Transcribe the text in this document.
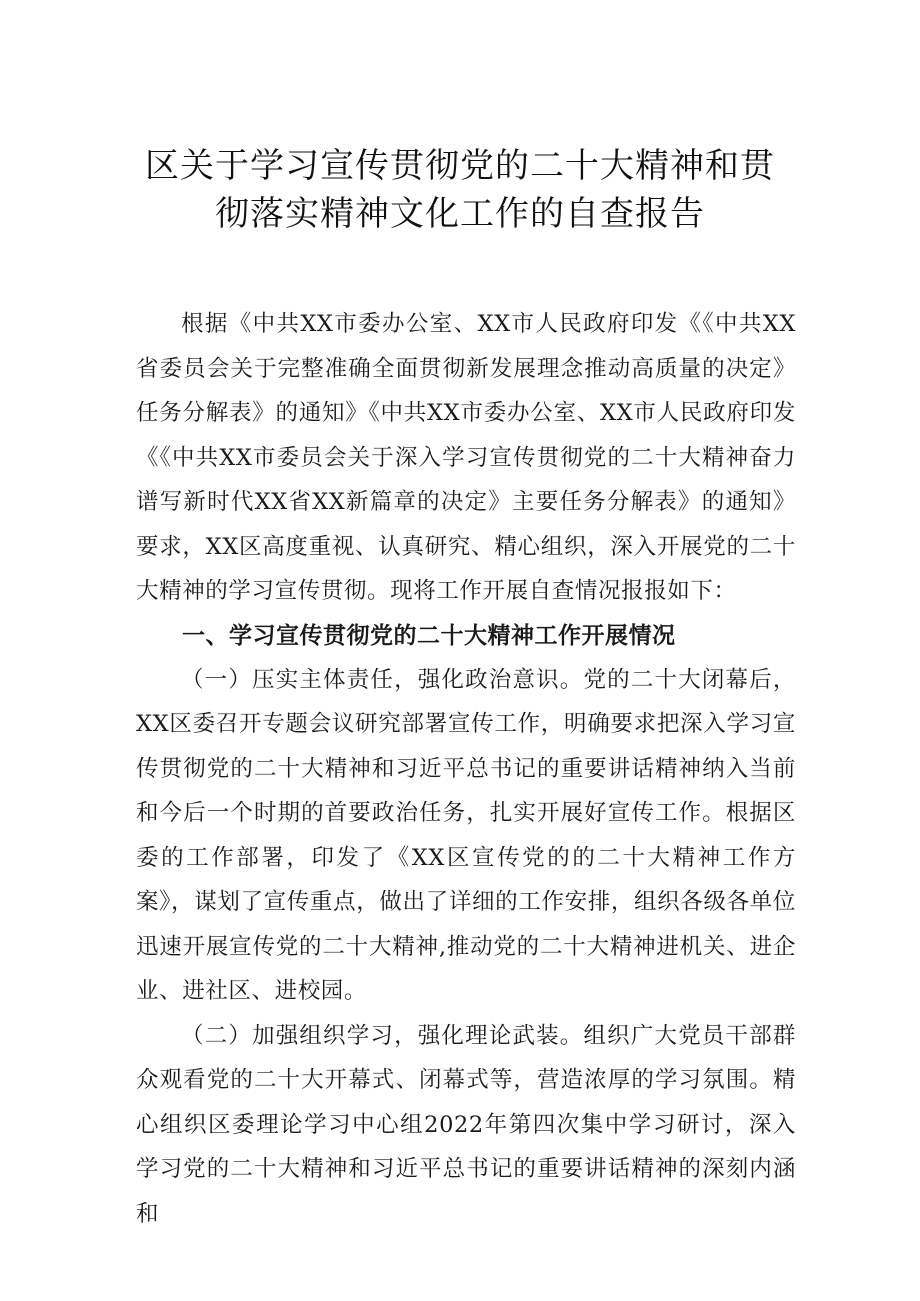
区关于学习宣传贯彻党的二十大精神和贯
彻落实精神文化工作的自查报告

根据《中共XX市委办公室、XX市人民政府印发《《中共XX省委员会关于完整准确全面贯彻新发展理念推动高质量的决定》任务分解表》的通知》《中共XX市委办公室、XX市人民政府印发《《中共XX市委员会关于深入学习宣传贯彻党的二十大精神奋力谱写新时代XX省XX新篇章的决定》主要任务分解表》的通知》要求，XX区高度重视、认真研究、精心组织，深入开展党的二十大精神的学习宣传贯彻。现将工作开展自查情况报报如下：

一、学习宣传贯彻党的二十大精神工作开展情况

（一）压实主体责任，强化政治意识。党的二十大闭幕后，XX区委召开专题会议研究部署宣传工作，明确要求把深入学习宣传贯彻党的二十大精神和习近平总书记的重要讲话精神纳入当前和今后一个时期的首要政治任务，扎实开展好宣传工作。根据区委的工作部署，印发了《XX区宣传党的的二十大精神工作方案》，谋划了宣传重点，做出了详细的工作安排，组织各级各单位迅速开展宣传党的二十大精神,推动党的二十大精神进机关、进企业、进社区、进校园。

（二）加强组织学习，强化理论武装。组织广大党员干部群众观看党的二十大开幕式、闭幕式等，营造浓厚的学习氛围。精心组织区委理论学习中心组2022年第四次集中学习研讨，深入学习党的二十大精神和习近平总书记的重要讲话精神的深刻内涵和
